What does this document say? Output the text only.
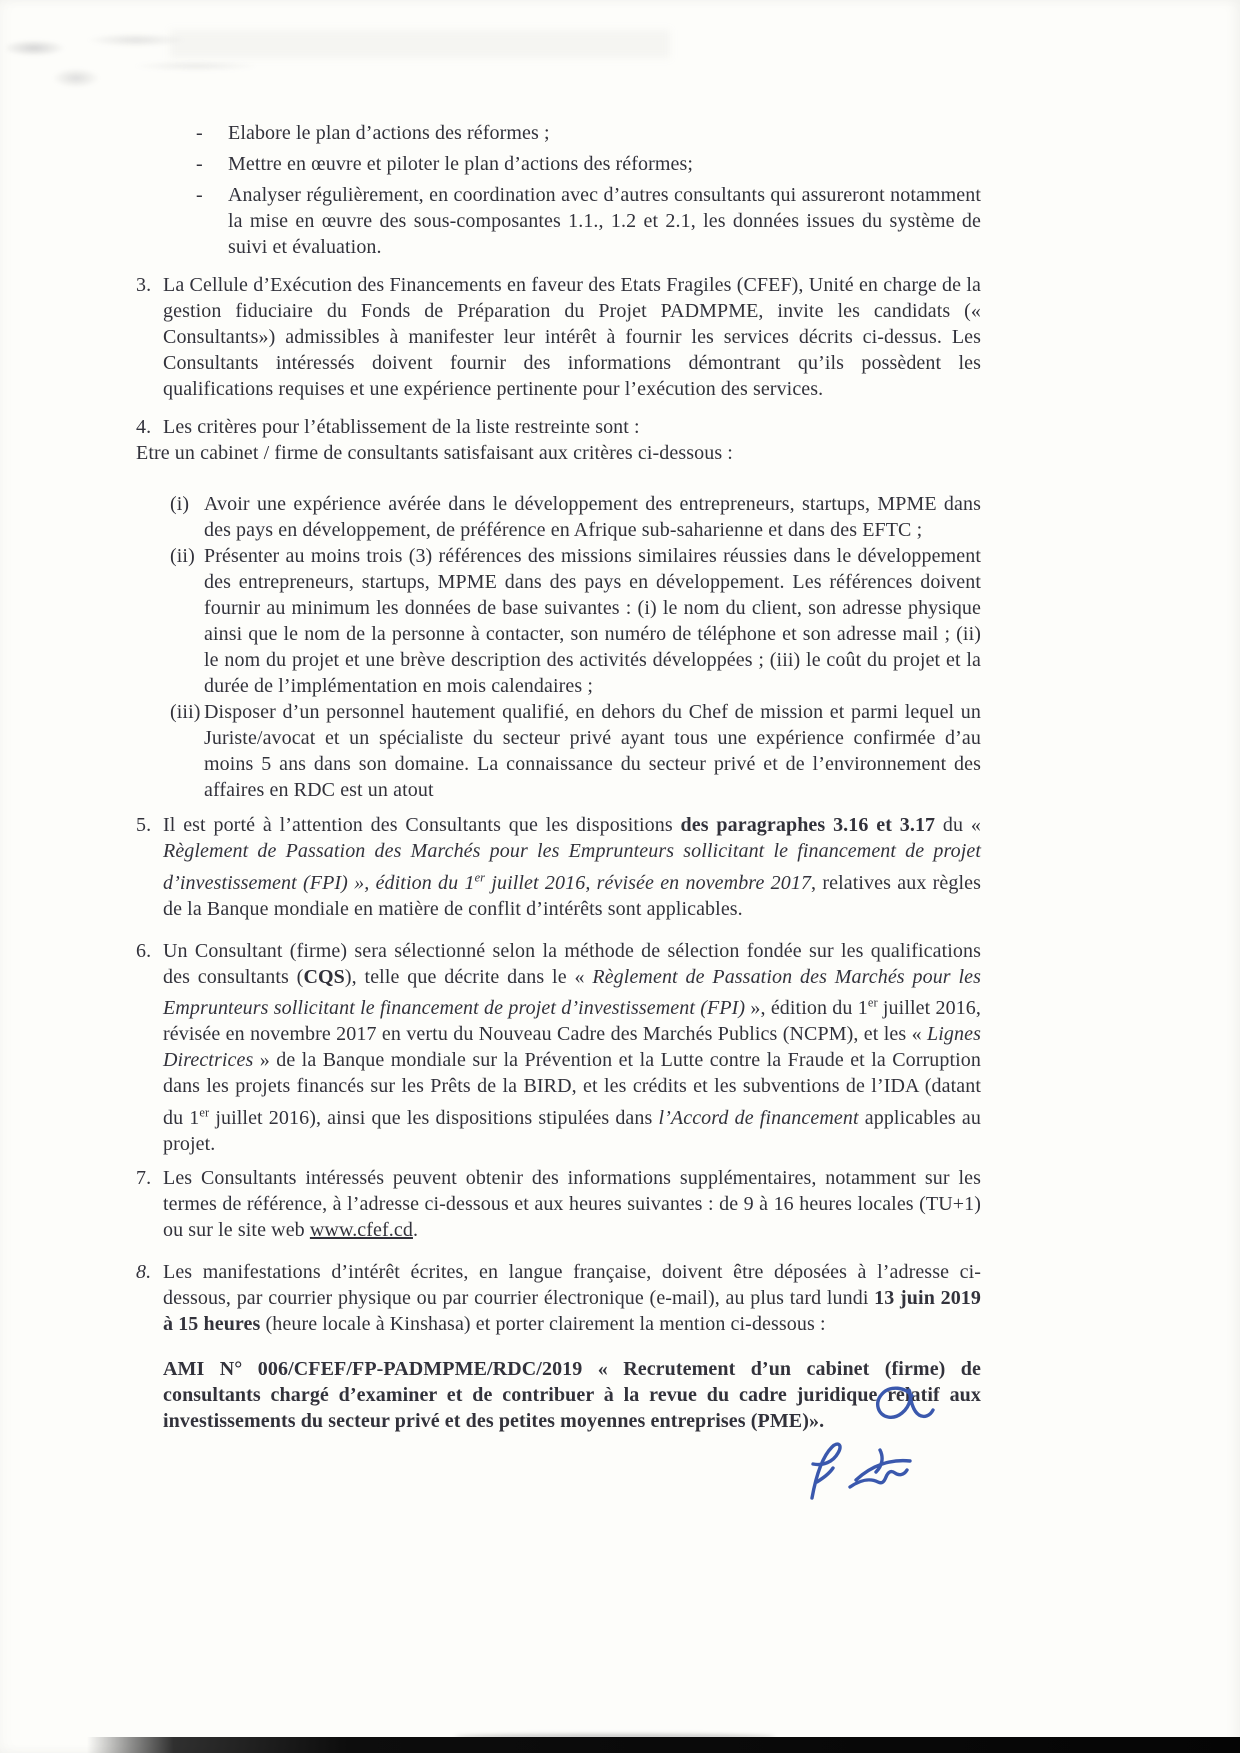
- Elabore le plan d’actions des réformes ;
- Mettre en œuvre et piloter le plan d’actions des réformes;
- Analyser régulièrement, en coordination avec d’autres consultants qui assureront notamment la mise en œuvre des sous-composantes 1.1., 1.2 et 2.1, les données issues du système de suivi et évaluation.
3. La Cellule d’Exécution des Financements en faveur des Etats Fragiles (CFEF), Unité en charge de la gestion fiduciaire du Fonds de Préparation du Projet PADMPME, invite les candidats (« Consultants») admissibles à manifester leur intérêt à fournir les services décrits ci-dessus. Les Consultants intéressés doivent fournir des informations démontrant qu’ils possèdent les qualifications requises et une expérience pertinente pour l’exécution des services.
4. Les critères pour l’établissement de la liste restreinte sont :
Etre un cabinet / firme de consultants satisfaisant aux critères ci-dessous :
(i) Avoir une expérience avérée dans le développement des entrepreneurs, startups, MPME dans des pays en développement, de préférence en Afrique sub-saharienne et dans des EFTC ;
(ii) Présenter au moins trois (3) références des missions similaires réussies dans le développement des entrepreneurs, startups, MPME dans des pays en développement. Les références doivent fournir au minimum les données de base suivantes : (i) le nom du client, son adresse physique ainsi que le nom de la personne à contacter, son numéro de téléphone et son adresse mail ; (ii) le nom du projet et une brève description des activités développées ; (iii) le coût du projet et la durée de l’implémentation en mois calendaires ;
(iii) Disposer d’un personnel hautement qualifié, en dehors du Chef de mission et parmi lequel un Juriste/avocat et un spécialiste du secteur privé ayant tous une expérience confirmée d’au moins 5 ans dans son domaine. La connaissance du secteur privé et de l’environnement des affaires en RDC est un atout
5. Il est porté à l’attention des Consultants que les dispositions des paragraphes 3.16 et 3.17 du « Règlement de Passation des Marchés pour les Emprunteurs sollicitant le financement de projet d’investissement (FPI) », édition du 1er juillet 2016, révisée en novembre 2017, relatives aux règles de la Banque mondiale en matière de conflit d’intérêts sont applicables.
6. Un Consultant (firme) sera sélectionné selon la méthode de sélection fondée sur les qualifications des consultants (CQS), telle que décrite dans le « Règlement de Passation des Marchés pour les Emprunteurs sollicitant le financement de projet d’investissement (FPI) », édition du 1er juillet 2016, révisée en novembre 2017 en vertu du Nouveau Cadre des Marchés Publics (NCPM), et les « Lignes Directrices » de la Banque mondiale sur la Prévention et la Lutte contre la Fraude et la Corruption dans les projets financés sur les Prêts de la BIRD, et les crédits et les subventions de l’IDA (datant du 1er juillet 2016), ainsi que les dispositions stipulées dans l’Accord de financement applicables au projet.
7. Les Consultants intéressés peuvent obtenir des informations supplémentaires, notamment sur les termes de référence, à l’adresse ci-dessous et aux heures suivantes : de 9 à 16 heures locales (TU+1) ou sur le site web www.cfef.cd.
8. Les manifestations d’intérêt écrites, en langue française, doivent être déposées à l’adresse ci-dessous, par courrier physique ou par courrier électronique (e-mail), au plus tard lundi 13 juin 2019 à 15 heures (heure locale à Kinshasa) et porter clairement la mention ci-dessous :
AMI N° 006/CFEF/FP-PADMPME/RDC/2019 « Recrutement d’un cabinet (firme) de consultants chargé d’examiner et de contribuer à la revue du cadre juridique relatif aux investissements du secteur privé et des petites moyennes entreprises (PME)».
